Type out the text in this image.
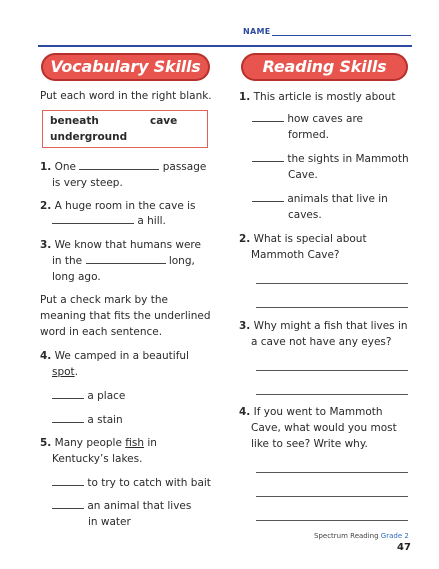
NAME
Vocabulary Skills	Reading Skills
Put each word in the right blank.
beneath	cave
underground
1. One	passage
is very steep.
2. A huge room in the cave is
a hill.
3. We know that humans were
in the	long,
long ago.
Put a check mark by the
meaning that fits the underlined
word in each sentence.
4. We camped in a beautiful
spot.
a place
a stain
5. Many people fish in
Kentucky’s lakes.
to try to catch with bait
an animal that lives
in water
1. This article is mostly about
how caves are
formed.
the sights in Mammoth
Cave.
animals that live in
caves.
2. What is special about
Mammoth Cave?
3. Why might a fish that lives in
a cave not have any eyes?
4. If you went to Mammoth
Cave, what would you most
like to see? Write why.
Spectrum Reading Grade 2
47
